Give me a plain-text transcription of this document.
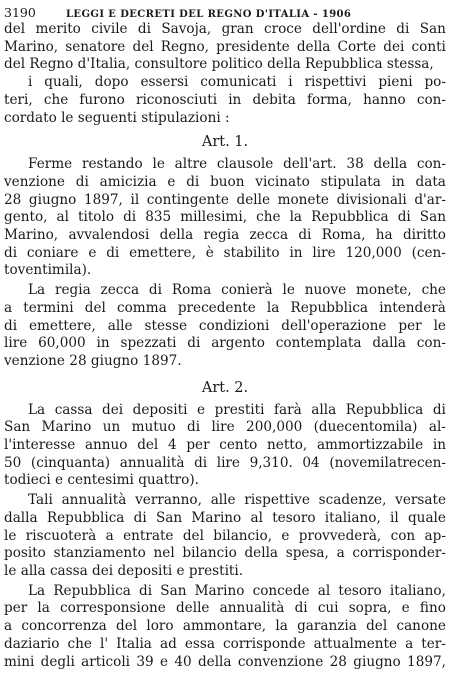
3190	LEGGI E DECRETI DEL REGNO D'ITALIA - 1906
del merito civile di Savoja, gran croce dell'ordine di San
Marino, senatore del Regno, presidente della Corte dei conti
del Regno d'Italia, consultore politico della Repubblica stessa,
i quali, dopo essersi comunicati i rispettivi pieni po-
teri, che furono riconosciuti in debita forma, hanno con-
cordato le seguenti stipulazioni :
Art. 1.
Ferme restando le altre clausole dell'art. 38 della con-
venzione di amicizia e di buon vicinato stipulata in data
28 giugno 1897, il contingente delle monete divisionali d'ar-
gento, al titolo di 835 millesimi, che la Repubblica di San
Marino, avvalendosi della regia zecca di Roma, ha diritto
di coniare e di emettere, è stabilito in lire 120,000 (cen-
toventimila).
La regia zecca di Roma conierà le nuove monete, che
a termini del comma precedente la Repubblica intenderà
di emettere, alle stesse condizioni dell'operazione per le
lire 60,000 in spezzati di argento contemplata dalla con-
venzione 28 giugno 1897.
Art. 2.
La cassa dei depositi e prestiti farà alla Repubblica di
San Marino un mutuo di lire 200,000 (duecentomila) al-
l'interesse annuo del 4 per cento netto, ammortizzabile in
50 (cinquanta) annualità di lire 9,310. 04 (novemilatrecen-
todieci e centesimi quattro).
Tali annualità verranno, alle rispettive scadenze, versate
dalla Repubblica di San Marino al tesoro italiano, il quale
le riscuoterà a entrate del bilancio, e provvederà, con ap-
posito stanziamento nel bilancio della spesa, a corrisponder-
le alla cassa dei depositi e prestiti.
La Repubblica di San Marino concede al tesoro italiano,
per la corresponsione delle annualità di cui sopra, e fino
a concorrenza del loro ammontare, la garanzia del canone
daziario che l' Italia ad essa corrisponde attualmente a ter-
mini degli articoli 39 e 40 della convenzione 28 giugno 1897,
